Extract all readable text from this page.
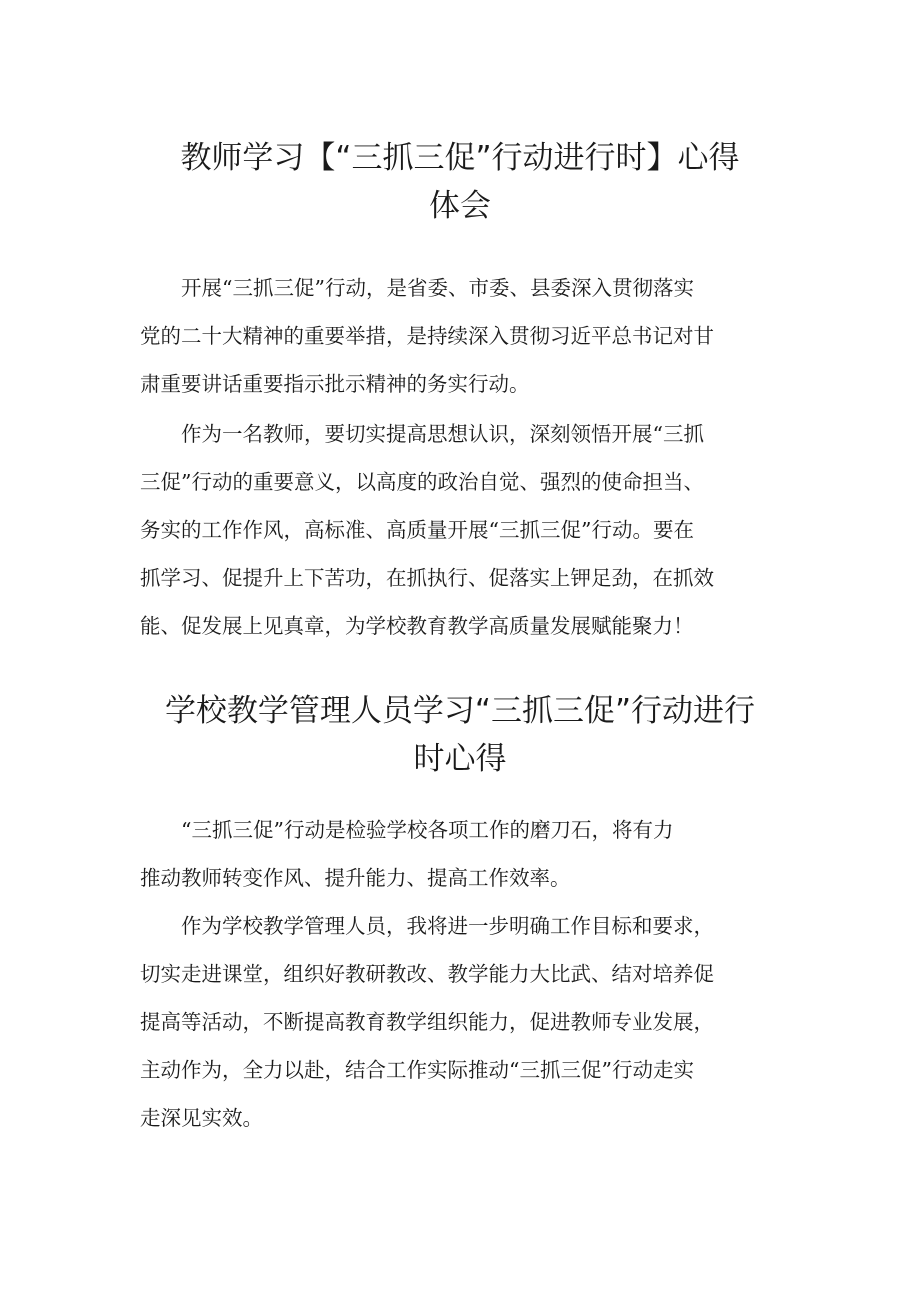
教师学习【“三抓三促”行动进行时】心得
体会

　　开展“三抓三促”行动，是省委、市委、县委深入贯彻落实
党的二十大精神的重要举措，是持续深入贯彻习近平总书记对甘
肃重要讲话重要指示批示精神的务实行动。

　　作为一名教师，要切实提高思想认识，深刻领悟开展“三抓
三促”行动的重要意义，以高度的政治自觉、强烈的使命担当、
务实的工作作风，高标准、高质量开展“三抓三促”行动。要在
抓学习、促提升上下苦功，在抓执行、促落实上钾足劲，在抓效
能、促发展上见真章，为学校教育教学高质量发展赋能聚力！

学校教学管理人员学习“三抓三促”行动进行
时心得

　　“三抓三促”行动是检验学校各项工作的磨刀石，将有力
推动教师转变作风、提升能力、提高工作效率。

　　作为学校教学管理人员，我将进一步明确工作目标和要求，
切实走进课堂，组织好教研教改、教学能力大比武、结对培养促
提高等活动，不断提高教育教学组织能力，促进教师专业发展，
主动作为，全力以赴，结合工作实际推动“三抓三促”行动走实
走深见实效。
